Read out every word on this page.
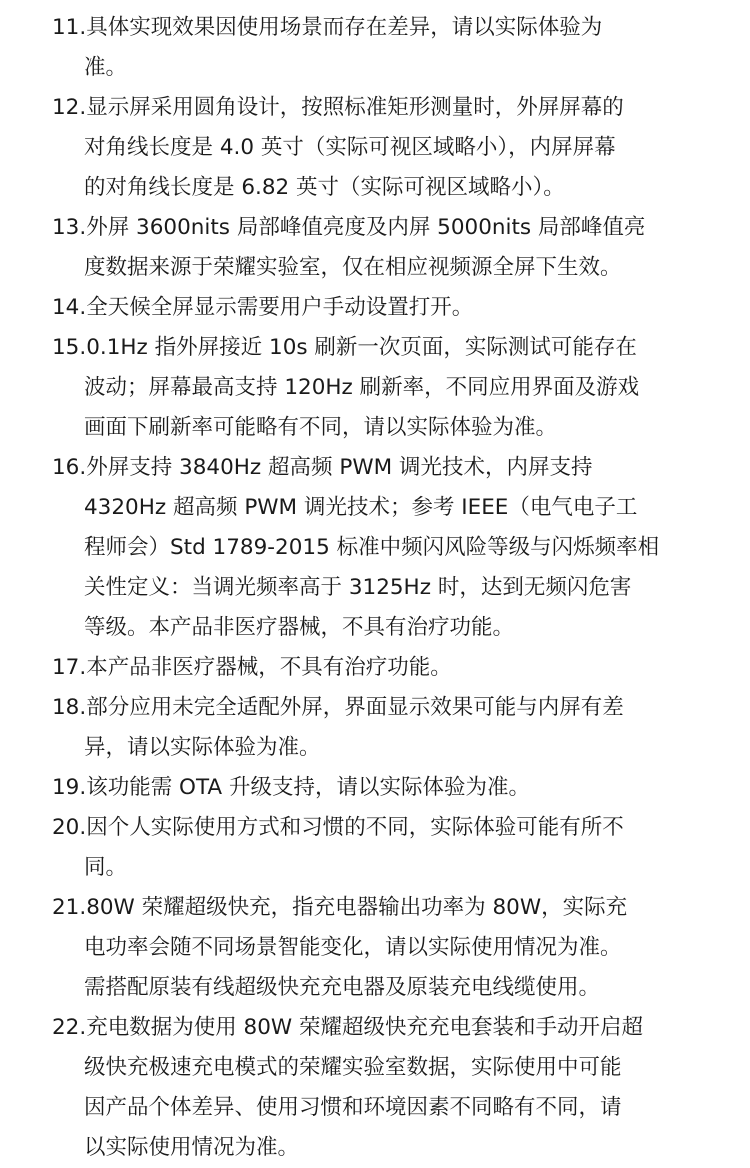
11.具体实现效果因使用场景而存在差异，请以实际体验为
准。
12.显示屏采用圆角设计，按照标准矩形测量时，外屏屏幕的
对角线长度是 4.0 英寸（实际可视区域略小），内屏屏幕
的对角线长度是 6.82 英寸（实际可视区域略小）。
13.外屏 3600nits 局部峰值亮度及内屏 5000nits 局部峰值亮
度数据来源于荣耀实验室，仅在相应视频源全屏下生效。
14.全天候全屏显示需要用户手动设置打开。
15.0.1Hz 指外屏接近 10s 刷新一次页面，实际测试可能存在
波动；屏幕最高支持 120Hz 刷新率，不同应用界面及游戏
画面下刷新率可能略有不同，请以实际体验为准。
16.外屏支持 3840Hz 超高频 PWM 调光技术，内屏支持
4320Hz 超高频 PWM 调光技术；参考 IEEE（电气电子工
程师会）Std 1789-2015 标准中频闪风险等级与闪烁频率相
关性定义：当调光频率高于 3125Hz 时，达到无频闪危害
等级。本产品非医疗器械，不具有治疗功能。
17.本产品非医疗器械，不具有治疗功能。
18.部分应用未完全适配外屏，界面显示效果可能与内屏有差
异，请以实际体验为准。
19.该功能需 OTA 升级支持，请以实际体验为准。
20.因个人实际使用方式和习惯的不同，实际体验可能有所不
同。
21.80W 荣耀超级快充，指充电器输出功率为 80W，实际充
电功率会随不同场景智能变化，请以实际使用情况为准。
需搭配原装有线超级快充充电器及原装充电线缆使用。
22.充电数据为使用 80W 荣耀超级快充充电套装和手动开启超
级快充极速充电模式的荣耀实验室数据，实际使用中可能
因产品个体差异、使用习惯和环境因素不同略有不同，请
以实际使用情况为准。
